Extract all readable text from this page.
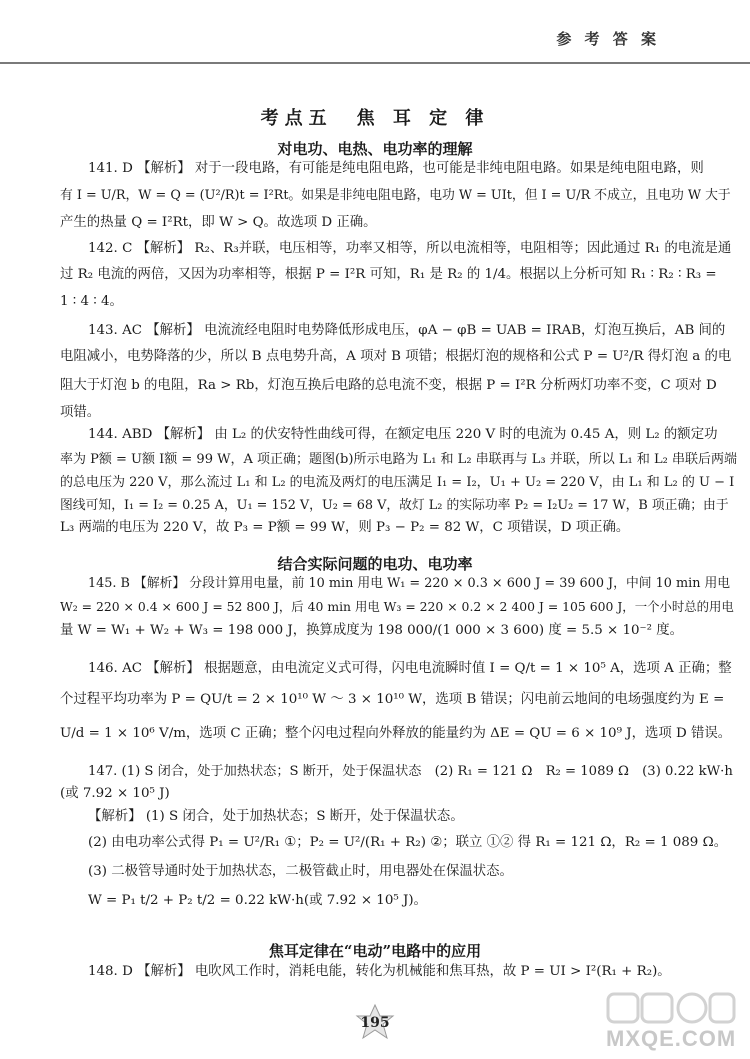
参 考 答 案
考点五　焦 耳 定 律
对电功、电热、电功率的理解
141. D 【解析】 对于一段电路，有可能是纯电阻电路，也可能是非纯电阻电路。如果是纯电阻电路，则
有 I = U/R，W = Q = (U²/R)t = I²Rt。如果是非纯电阻电路，电功 W = UIt，但 I = U/R 不成立，且电功 W 大于
产生的热量 Q = I²Rt，即 W > Q。故选项 D 正确。
142. C 【解析】 R₂、R₃并联，电压相等，功率又相等，所以电流相等，电阻相等；因此通过 R₁ 的电流是通
过 R₂ 电流的两倍，又因为功率相等，根据 P = I²R 可知，R₁ 是 R₂ 的 1/4。根据以上分析可知 R₁ ∶ R₂ ∶ R₃ =
1 ∶ 4 ∶ 4。
143. AC 【解析】 电流流经电阻时电势降低形成电压，φA − φB = UAB = IRAB，灯泡互换后，AB 间的
电阻减小，电势降落的少，所以 B 点电势升高，A 项对 B 项错；根据灯泡的规格和公式 P = U²/R 得灯泡 a 的电
阻大于灯泡 b 的电阻，Ra > Rb，灯泡互换后电路的总电流不变，根据 P = I²R 分析两灯功率不变，C 项对 D
项错。
144. ABD 【解析】 由 L₂ 的伏安特性曲线可得，在额定电压 220 V 时的电流为 0.45 A，则 L₂ 的额定功
率为 P额 = U额 I额 = 99 W，A 项正确；题图(b)所示电路为 L₁ 和 L₂ 串联再与 L₃ 并联，所以 L₁ 和 L₂ 串联后两端
的总电压为 220 V，那么流过 L₁ 和 L₂ 的电流及两灯的电压满足 I₁ = I₂，U₁ + U₂ = 220 V，由 L₁ 和 L₂ 的 U − I
图线可知，I₁ = I₂ = 0.25 A，U₁ = 152 V，U₂ = 68 V，故灯 L₂ 的实际功率 P₂ = I₂U₂ = 17 W，B 项正确；由于
L₃ 两端的电压为 220 V，故 P₃ = P额 = 99 W，则 P₃ − P₂ = 82 W，C 项错误，D 项正确。
结合实际问题的电功、电功率
145. B 【解析】 分段计算用电量，前 10 min 用电 W₁ = 220 × 0.3 × 600 J = 39 600 J，中间 10 min 用电
W₂ = 220 × 0.4 × 600 J = 52 800 J，后 40 min 用电 W₃ = 220 × 0.2 × 2 400 J = 105 600 J，一个小时总的用电
量 W = W₁ + W₂ + W₃ = 198 000 J，换算成度为 198 000/(1 000 × 3 600) 度 = 5.5 × 10⁻² 度。
146. AC 【解析】 根据题意，由电流定义式可得，闪电电流瞬时值 I = Q/t = 1 × 10⁵ A，选项 A 正确；整
个过程平均功率为 P = QU/t = 2 × 10¹⁰ W ～ 3 × 10¹⁰ W，选项 B 错误；闪电前云地间的电场强度约为 E =
U/d = 1 × 10⁶ V/m，选项 C 正确；整个闪电过程向外释放的能量约为 ΔE = QU = 6 × 10⁹ J，选项 D 错误。
147. (1) S 闭合，处于加热状态；S 断开，处于保温状态　(2) R₁ = 121 Ω　R₂ = 1089 Ω　(3) 0.22 kW·h
(或 7.92 × 10⁵ J)
【解析】 (1) S 闭合，处于加热状态；S 断开，处于保温状态。
(2) 由电功率公式得 P₁ = U²/R₁ ①；P₂ = U²/(R₁ + R₂) ②；联立 ①② 得 R₁ = 121 Ω，R₂ = 1 089 Ω。
(3) 二极管导通时处于加热状态，二极管截止时，用电器处在保温状态。
W = P₁ t/2 + P₂ t/2 = 0.22 kW·h(或 7.92 × 10⁵ J)。
焦耳定律在“电动”电路中的应用
148. D 【解析】 电吹风工作时，消耗电能，转化为机械能和焦耳热，故 P = UI > I²(R₁ + R₂)。
195
MXQE.COM
